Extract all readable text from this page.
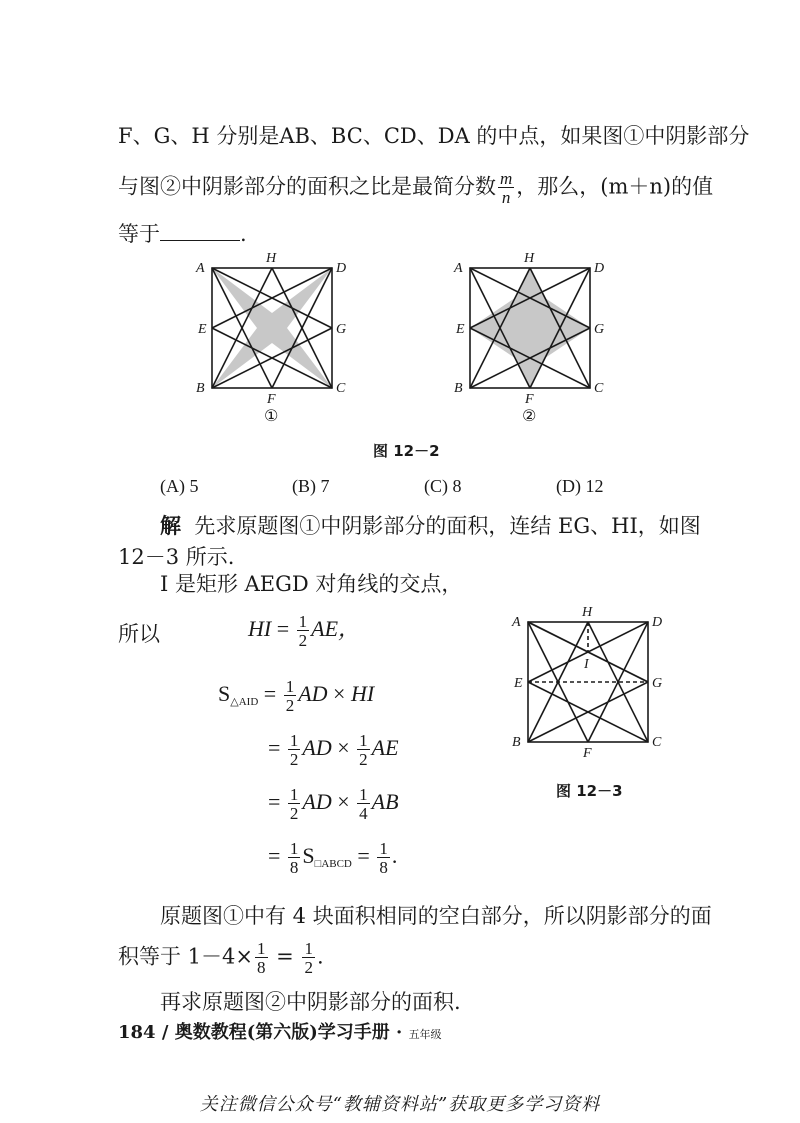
F、G、H 分别是AB、BC、CD、DA 的中点，如果图①中阴影部分
与图②中阴影部分的面积之比是最简分数 $\frac{m}{n}$ ，那么，(m＋n)的值
等于	.
A
H
D
E	G
B
F
C
①
A
H
D
E	G
B
F
C
②
A
H
D
E	G
I
B
F
C
图 12－2
(A) 5	(B) 7	(C) 8	(D) 12
解 先求原题图①中阴影部分的面积，连结 EG、HI，如图
12－3 所示.
I 是矩形 AEGD 对角线的交点，
所以	HI = $\frac{1}{2}$ AE，
$S_{\triangle AID} = \frac{1}{2}$ AD × HI
= $\frac{1}{2}$ AD × $\frac{1}{2}$ AE
= $\frac{1}{2}$ AD × $\frac{1}{4}$ AB
= $\frac{1}{8} S_{□ABCD} = \frac{1}{8}$ .
图 12－3
原题图①中有 4 块面积相同的空白部分，所以阴影部分的面
积等于 $1-4\times \frac{1}{8} = \frac{1}{2}$ .
再求原题图②中阴影部分的面积.
184 / 奥数教程(第六版)学习手册 · 五年级
关注微信公众号“教辅资料站”获取更多学习资料
